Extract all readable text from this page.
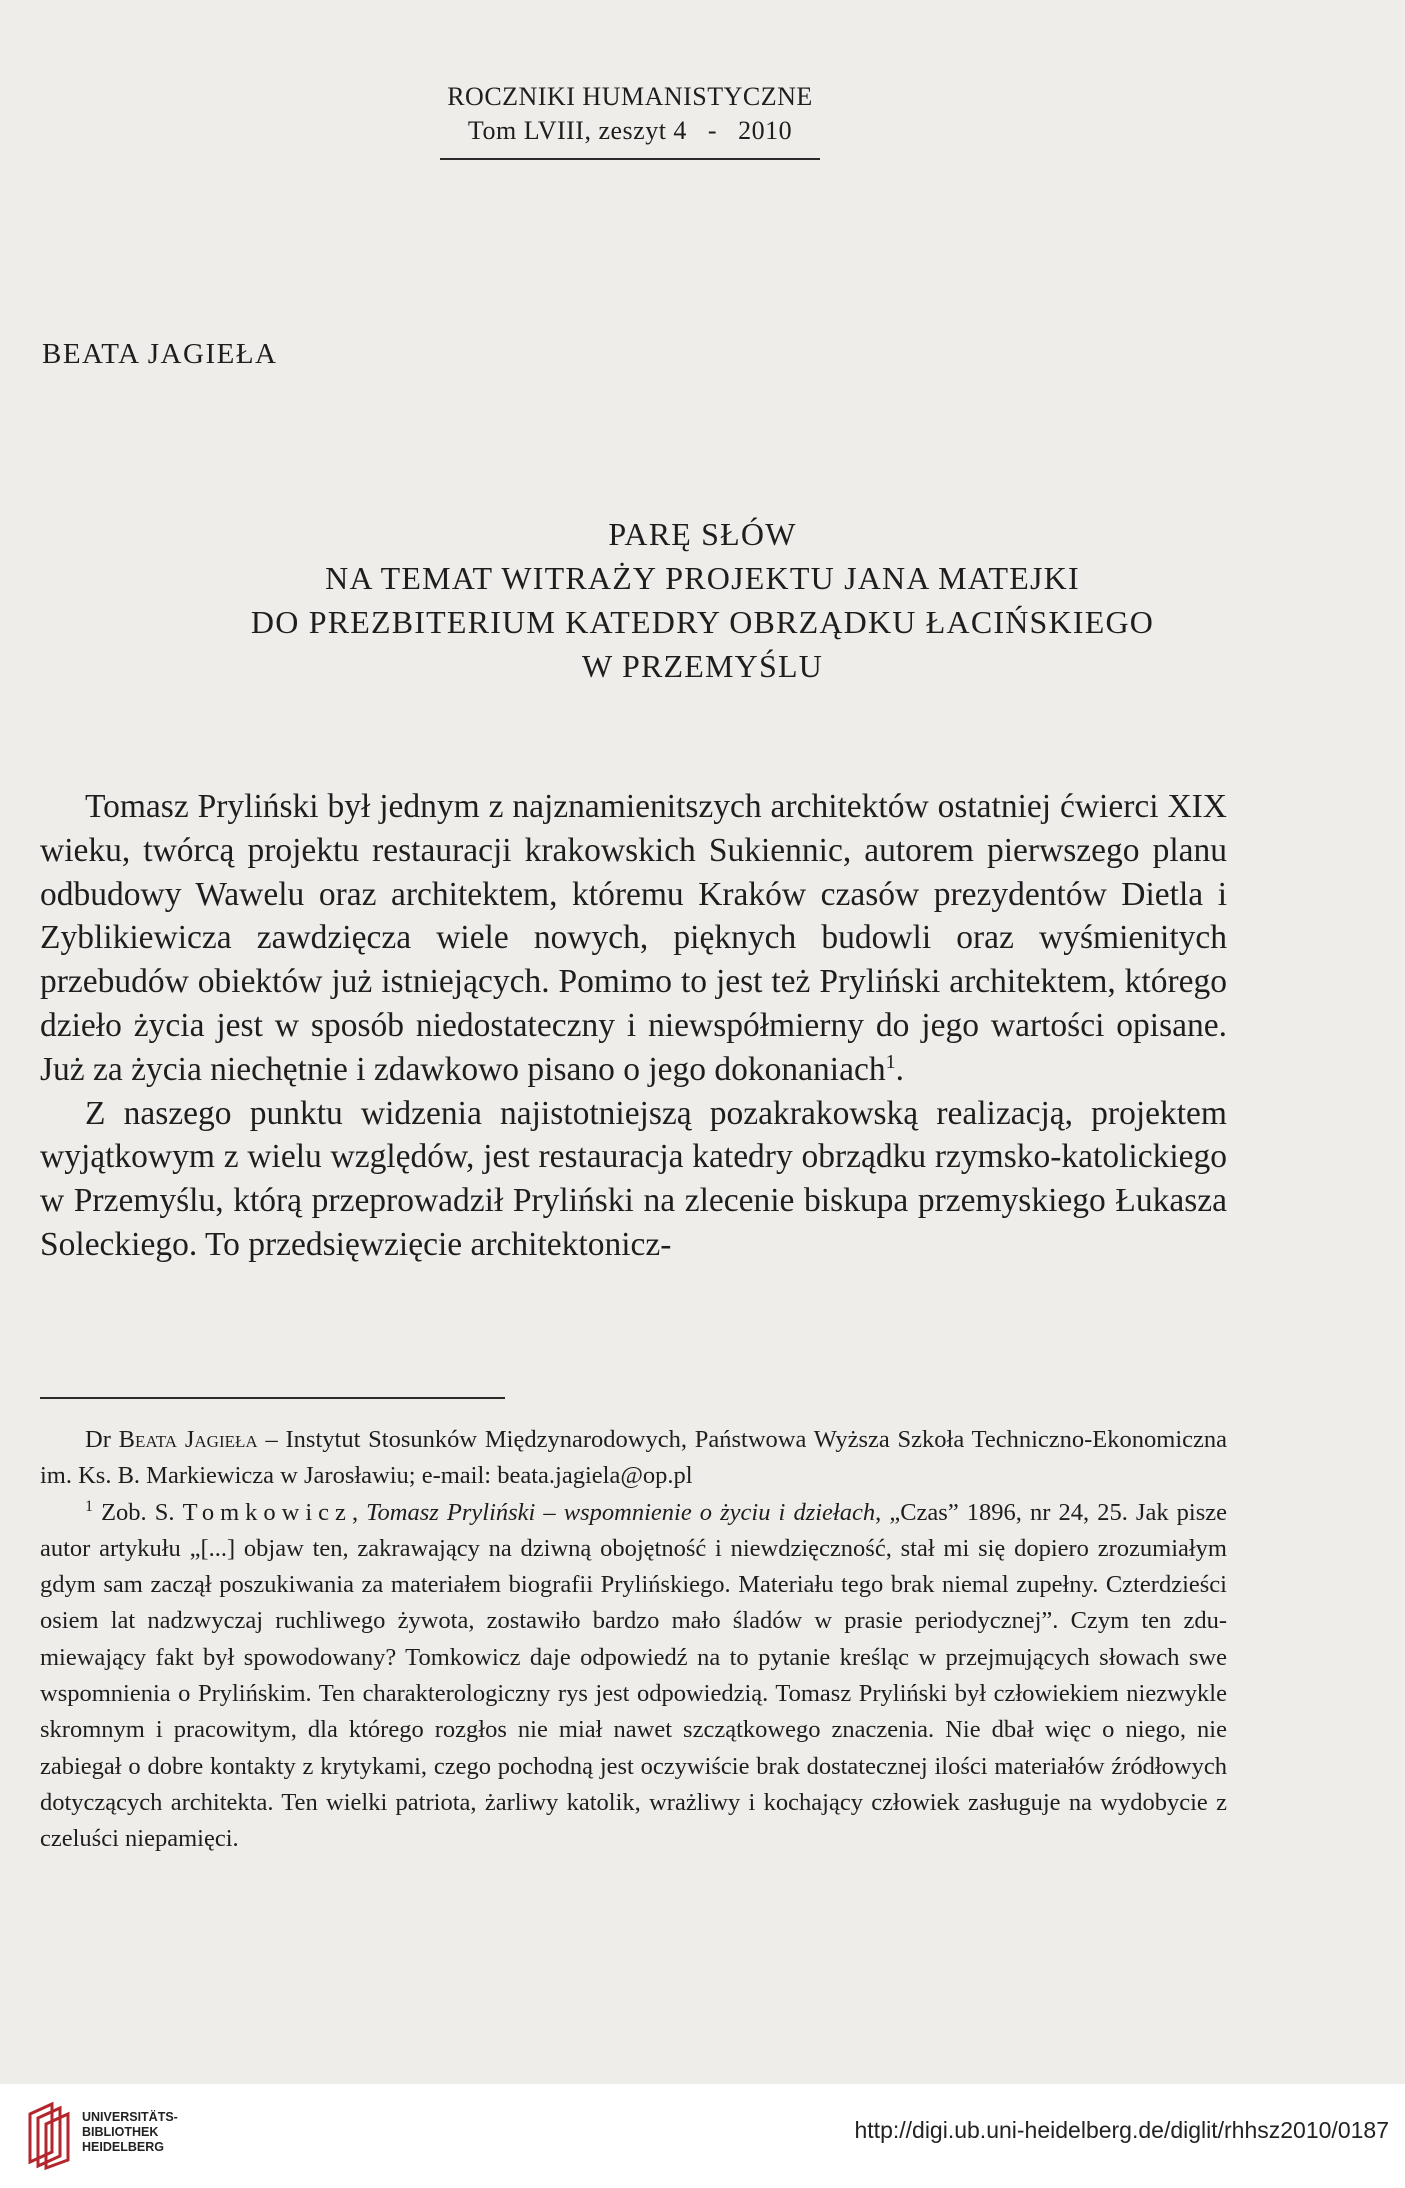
ROCZNIKI HUMANISTYCZNE
Tom LVIII, zeszyt 4   -   2010
BEATA JAGIEŁA
PARĘ SŁÓW
NA TEMAT WITRAŻY PROJEKTU JANA MATEJKI
DO PREZBITERIUM KATEDRY OBRZĄDKU ŁACIŃSKIEGO
W PRZEMYŚLU

Tomasz Pryliński był jednym z najznamienitszych architektów ostatniej ćwierci XIX wieku, twórcą projektu restauracji krakowskich Sukiennic, autorem pierwszego planu odbudowy Wawelu oraz architektem, któremu Kraków czasów prezydentów Dietla i Zyblikiewicza zawdzięcza wiele nowych, pięknych budowli oraz wyśmienitych przebudów obiektów już istniejących. Pomimo to jest też Pryliński architektem, którego dzieło życia jest w sposób niedostateczny i niewspółmierny do jego wartości opisane. Już za życia niechętnie i zdawkowo pisano o jego dokonaniach$^1$.

Z naszego punktu widzenia najistotniejszą pozakrakowską realizacją, projektem wyjątkowym z wielu względów, jest restauracja katedry obrządku rzymsko-katolickiego w Przemyślu, którą przeprowadził Pryliński na zlecenie biskupa przemyskiego Łukasza Soleckiego. To przedsięwzięcie architektonicz-

Dr Beata Jagieła – Instytut Stosunków Międzynarodowych, Państwowa Wyższa Szkoła Techniczno-Ekonomiczna im. Ks. B. Markiewicza w Jarosławiu; e-mail: beata.jagiela@op.pl

$^1$ Zob. S. Tomkowicz, Tomasz Pryliński – wspomnienie o życiu i dziełach, „Czas” 1896, nr 24, 25. Jak pisze autor artykułu „[...] objaw ten, zakrawający na dziwną obojętność i niewdzięczność, stał mi się dopiero zrozumiałym gdym sam zaczął poszukiwania za materiałem biografii Prylińskiego. Materiału tego brak niemal zupełny. Czterdzieści osiem lat nadzwyczaj ruchliwego żywota, zostawiło bardzo mało śladów w prasie periodycznej”. Czym ten zdumiewający fakt był spowodowany? Tomkowicz daje odpowiedź na to pytanie kreśląc w przejmujących słowach swe wspomnienia o Prylińskim. Ten charakterologiczny rys jest odpowiedzią. Tomasz Pryliński był człowiekiem niezwykle skromnym i pracowitym, dla którego rozgłos nie miał nawet szczątkowego znaczenia. Nie dbał więc o niego, nie zabiegał o dobre kontakty z krytykami, czego pochodną jest oczywiście brak dostatecznej ilości materiałów źródłowych dotyczących architekta. Ten wielki patriota, żarliwy katolik, wrażliwy i kochający człowiek zasługuje na wydobycie z czeluści niepamięci.

UNIVERSITÄTS-
BIBLIOTHEK
HEIDELBERG
http://digi.ub.uni-heidelberg.de/diglit/rhhsz2010/0187
